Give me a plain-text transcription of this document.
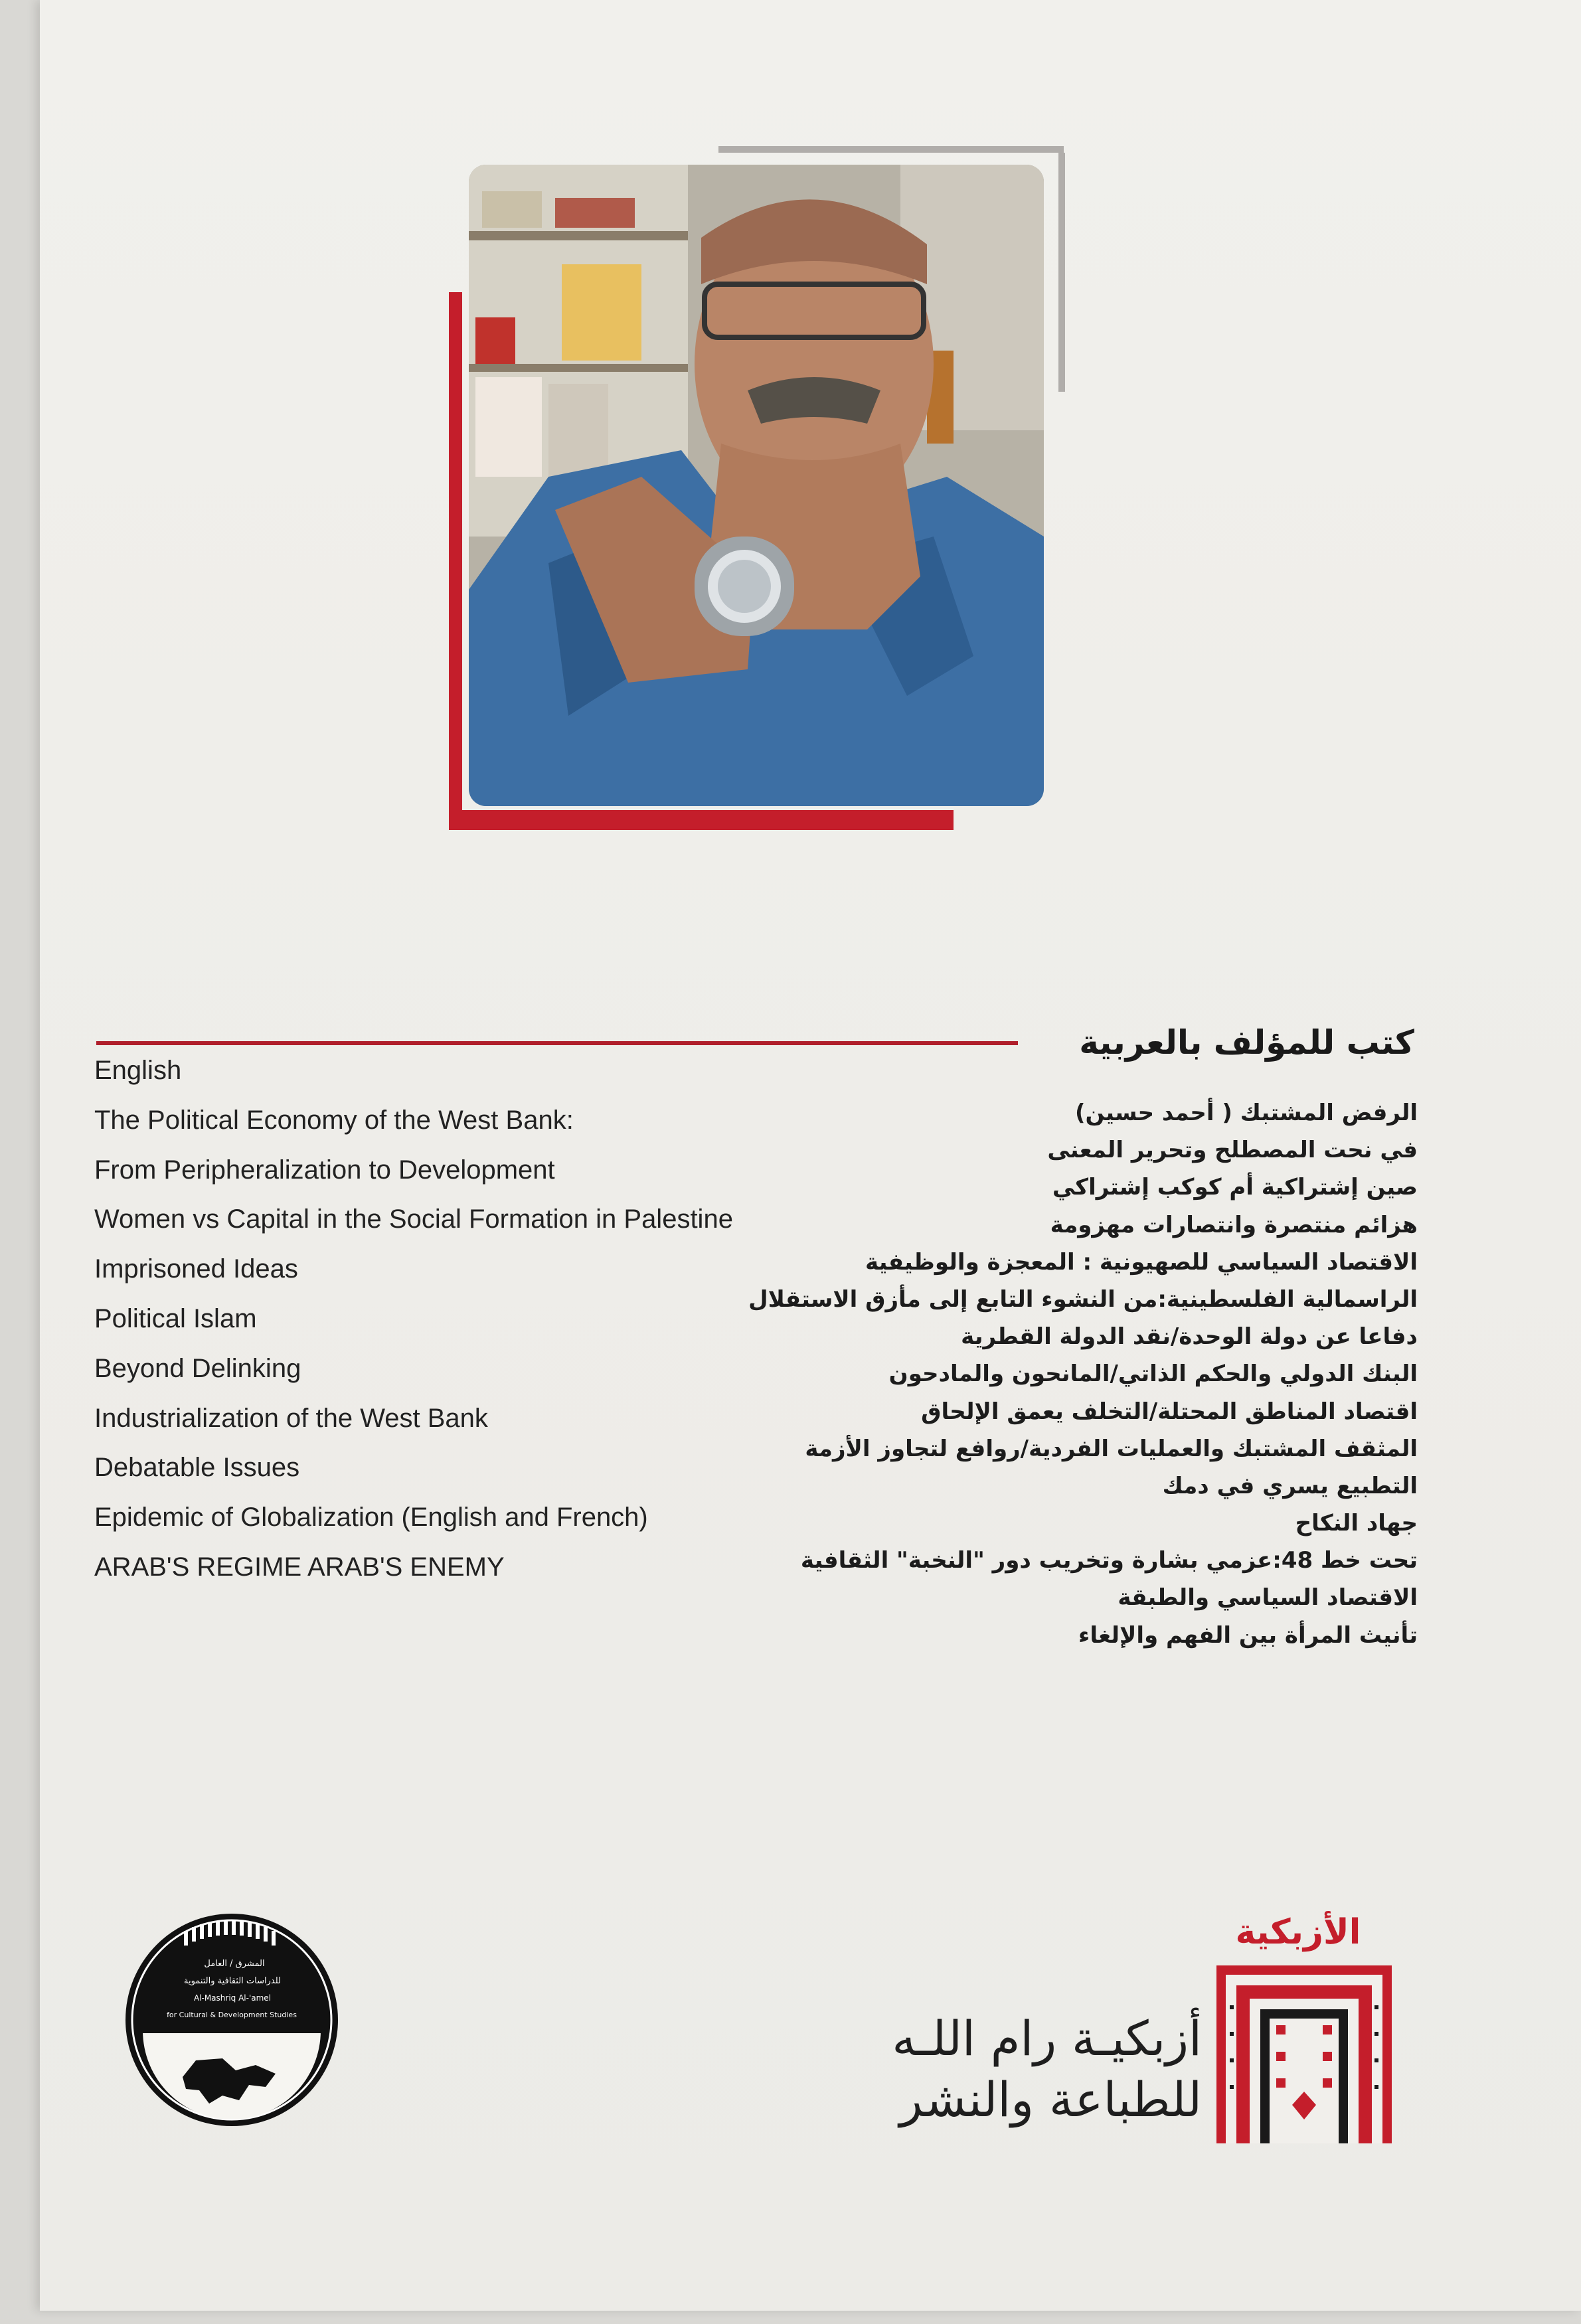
كتب للمؤلف بالعربية
English
The Political Economy of the West Bank:
From Peripheralization to Development
Women vs Capital in the Social Formation in Palestine
Imprisoned Ideas
Political Islam
Beyond Delinking
Industrialization of the West Bank
Debatable Issues
Epidemic of Globalization (English and French)
ARAB'S REGIME ARAB'S ENEMY
الرفض المشتبك ( أحمد حسين)
في نحت المصطلح وتحرير المعنى
صين إشتراكية أم كوكب إشتراكي
هزائم منتصرة وانتصارات مهزومة
الاقتصاد السياسي للصهيونية : المعجزة والوظيفية
الراسمالية الفلسطينية:من النشوء التابع إلى مأزق الاستقلال
دفاعا عن دولة الوحدة/نقد الدولة القطرية
البنك الدولي والحكم الذاتي/المانحون والمادحون
اقتصاد المناطق المحتلة/التخلف يعمق الإلحاق
المثقف المشتبك والعمليات الفردية/روافع لتجاوز الأزمة
التطبيع يسري في دمك
جهاد النكاح
تحت خط 48:عزمي بشارة وتخريب دور "النخبة" الثقافية
الاقتصاد السياسي والطبقة
تأنيث المرأة بين الفهم والإلغاء
المشرق / العامل
للدراسات الثقافية والتنموية
Al-Mashriq Al-'amel
for Cultural & Development Studies
الأزبكية
أزبكيـة رام اللـه
للطباعة والنشر
